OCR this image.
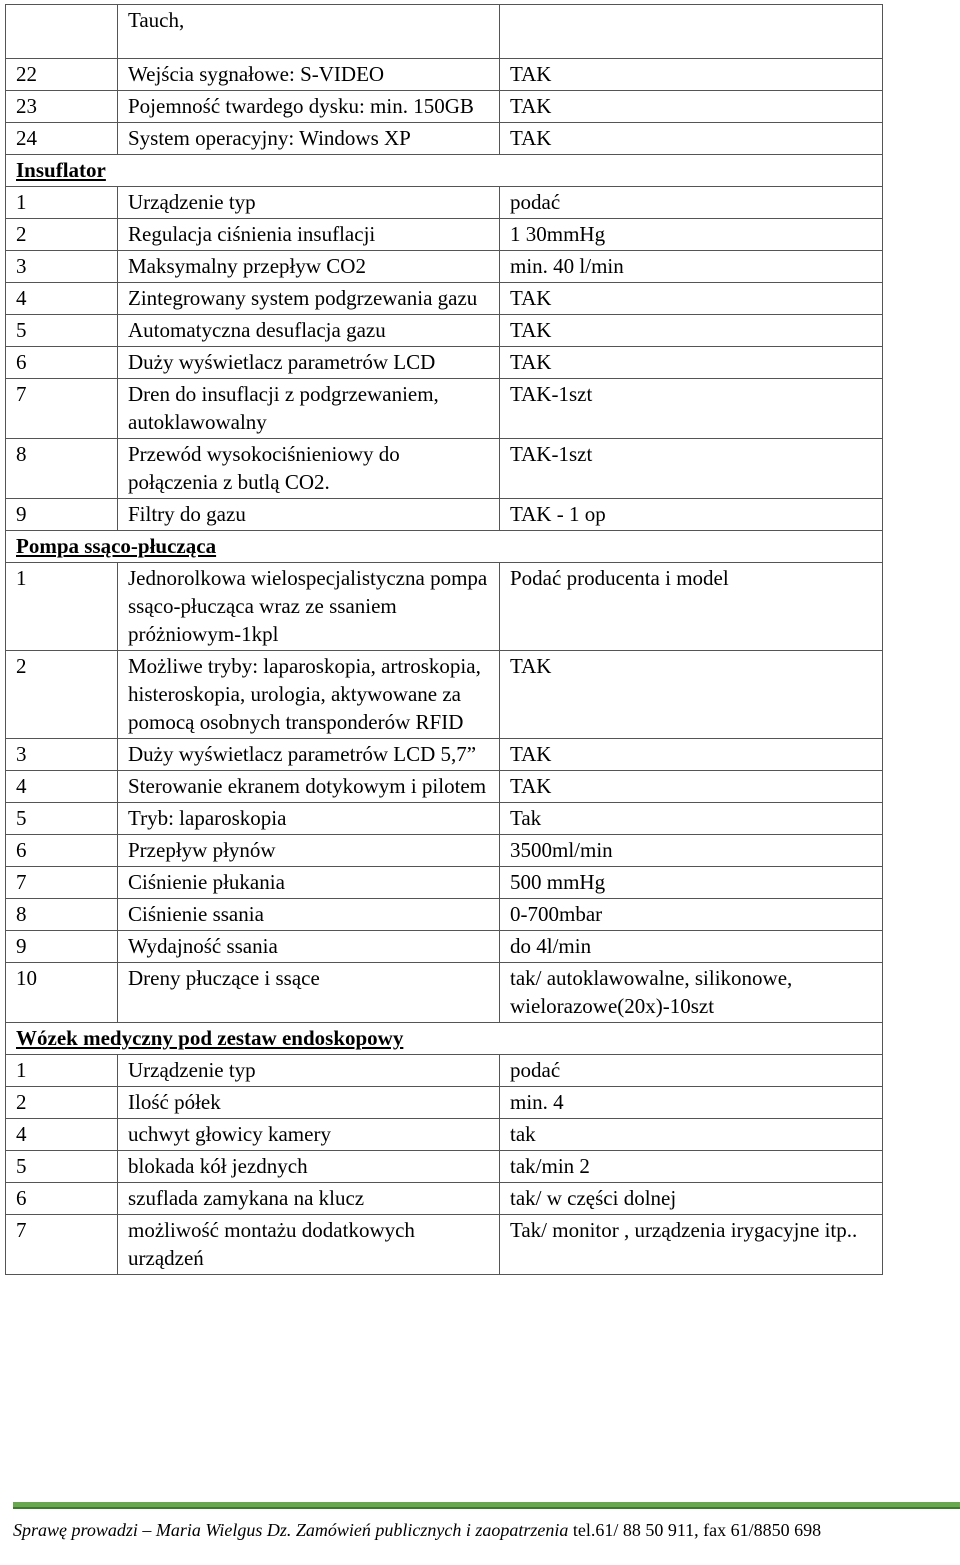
	Tauch,	
22	Wejścia sygnałowe: S-VIDEO	TAK
23	Pojemność twardego dysku: min. 150GB	TAK
24	System operacyjny: Windows XP	TAK
Insuflator		
1	Urządzenie typ	podać
2	Regulacja ciśnienia insuflacji	1 30mmHg
3	Maksymalny przepływ CO2	min. 40 l/min
4	Zintegrowany system podgrzewania gazu	TAK
5	Automatyczna desuflacja gazu	TAK
6	Duży wyświetlacz parametrów LCD	TAK
7	Dren do insuflacji z podgrzewaniem, autoklawowalny	TAK-1szt
8	Przewód wysokociśnieniowy do połączenia z butlą CO2.	TAK-1szt
9	Filtry do gazu	TAK - 1 op
Pompa ssąco-płucząca		
1	Jednorolkowa wielospecjalistyczna pompa ssąco-płucząca wraz ze ssaniem próżniowym-1kpl	Podać producenta i model
2	Możliwe tryby: laparoskopia, artroskopia, histeroskopia, urologia, aktywowane za pomocą osobnych transponderów RFID	TAK
3	Duży wyświetlacz parametrów LCD 5,7”	TAK
4	Sterowanie ekranem dotykowym i pilotem	TAK
5	Tryb: laparoskopia	Tak
6	Przepływ płynów	3500ml/min
7	Ciśnienie płukania	500 mmHg
8	Ciśnienie ssania	0-700mbar
9	Wydajność ssania	do 4l/min
10	Dreny płuczące i ssące	tak/ autoklawowalne, silikonowe, wielorazowe(20x)-10szt
Wózek medyczny pod zestaw endoskopowy		
1	Urządzenie typ	podać
2	Ilość półek	min. 4
4	uchwyt głowicy kamery	tak
5	blokada kół jezdnych	tak/min 2
6	szuflada zamykana na klucz	tak/ w części dolnej
7	możliwość montażu dodatkowych urządzeń	Tak/ monitor , urządzenia irygacyjne itp..
Sprawę prowadzi – Maria Wielgus Dz. Zamówień publicznych i zaopatrzenia tel.61/ 88 50 911, fax 61/8850 698
